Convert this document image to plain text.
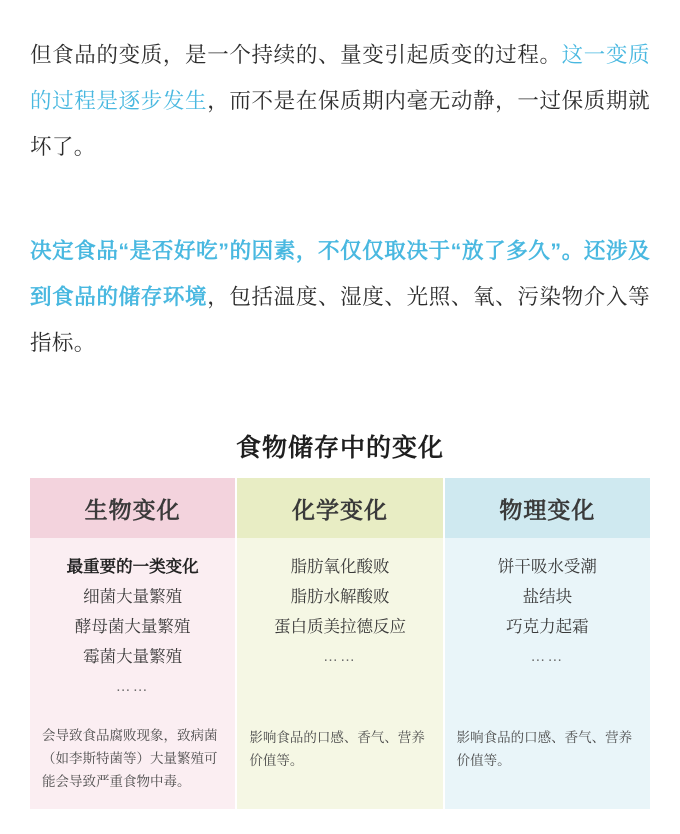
但食品的变质，是一个持续的、量变引起质变的过程。这一变质的过程是逐步发生，而不是在保质期内毫无动静，一过保质期就坏了。

决定食品“是否好吃”的因素，不仅仅取决于“放了多久”。还涉及到食品的储存环境，包括温度、湿度、光照、氧、污染物介入等指标。

食物储存中的变化
生物变化
最重要的一类变化
细菌大量繁殖
酵母菌大量繁殖
霉菌大量繁殖
……
会导致食品腐败现象，致病菌（如李斯特菌等）大量繁殖可能会导致严重食物中毒。
化学变化
脂肪氧化酸败
脂肪水解酸败
蛋白质美拉德反应
……
影响食品的口感、香气、营养价值等。
物理变化
饼干吸水受潮
盐结块
巧克力起霜
……
影响食品的口感、香气、营养价值等。
